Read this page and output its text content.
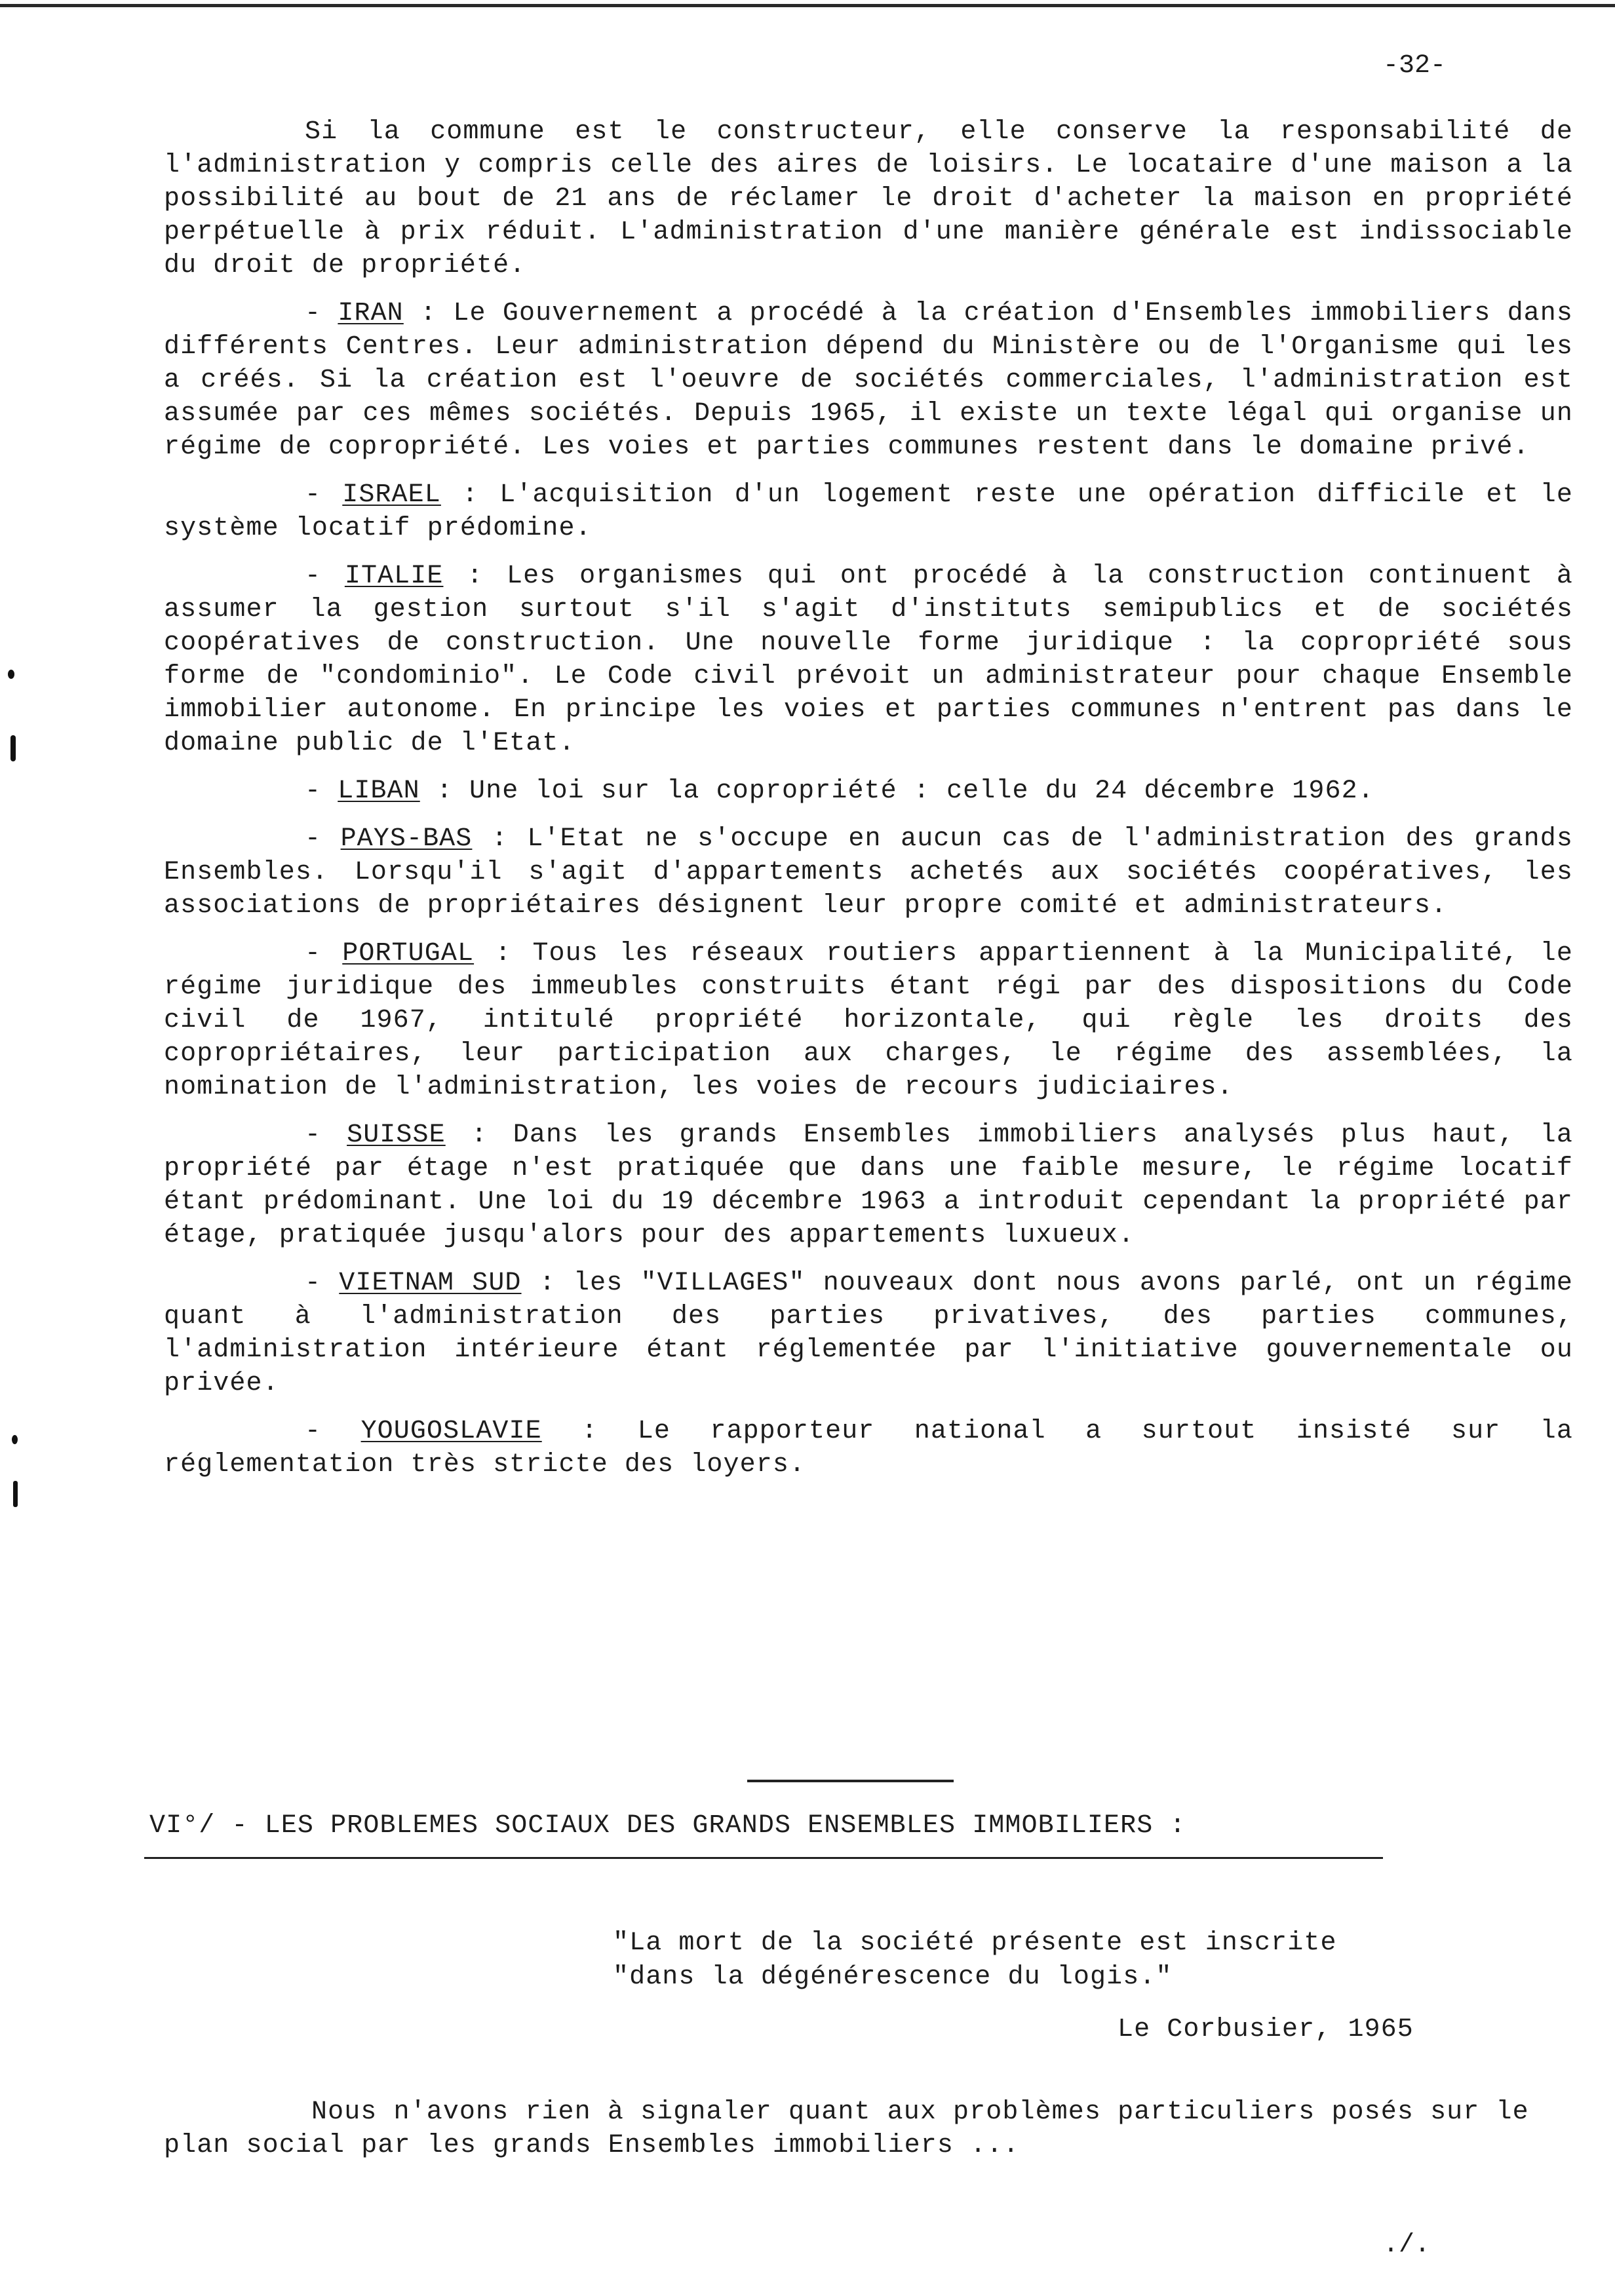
-32-

Si la commune est le constructeur, elle conserve la responsabilité de l'administration y compris celle des aires de loisirs. Le locataire d'une maison a la possibilité au bout de 21 ans de réclamer le droit d'acheter la maison en propriété perpétuelle à prix réduit. L'administration d'une manière générale est indissociable du droit de propriété.

- IRAN : Le Gouvernement a procédé à la création d'Ensembles immobiliers dans différents Centres. Leur administration dépend du Ministère ou de l'Organisme qui les a créés. Si la création est l'oeuvre de sociétés commerciales, l'administration est assumée par ces mêmes sociétés. Depuis 1965, il existe un texte légal qui organise un régime de copropriété. Les voies et parties communes restent dans le domaine privé.

- ISRAEL : L'acquisition d'un logement reste une opération difficile et le système locatif prédomine.

- ITALIE : Les organismes qui ont procédé à la construction continuent à assumer la gestion surtout s'il s'agit d'instituts semipublics et de sociétés coopératives de construction. Une nouvelle forme juridique : la copropriété sous forme de "condominio". Le Code civil prévoit un administrateur pour chaque Ensemble immobilier autonome. En principe les voies et parties communes n'entrent pas dans le domaine public de l'Etat.

- LIBAN : Une loi sur la copropriété : celle du 24 décembre 1962.

- PAYS-BAS : L'Etat ne s'occupe en aucun cas de l'administration des grands Ensembles. Lorsqu'il s'agit d'appartements achetés aux sociétés coopératives, les associations de propriétaires désignent leur propre comité et administrateurs.

- PORTUGAL : Tous les réseaux routiers appartiennent à la Municipalité, le régime juridique des immeubles construits étant régi par des dispositions du Code civil de 1967, intitulé propriété horizontale, qui règle les droits des copropriétaires, leur participation aux charges, le régime des assemblées, la nomination de l'administration, les voies de recours judiciaires.

- SUISSE : Dans les grands Ensembles immobiliers analysés plus haut, la propriété par étage n'est pratiquée que dans une faible mesure, le régime locatif étant prédominant. Une loi du 19 décembre 1963 a introduit cependant la propriété par étage, pratiquée jusqu'alors pour des appartements luxueux.

- VIETNAM SUD : les "VILLAGES" nouveaux dont nous avons parlé, ont un régime quant à l'administration des parties privatives, des parties communes, l'administration intérieure étant réglementée par l'initiative gouvernementale ou privée.

- YOUGOSLAVIE : Le rapporteur national a surtout insisté sur la réglementation très stricte des loyers.

VI°/ - LES PROBLEMES SOCIAUX DES GRANDS ENSEMBLES IMMOBILIERS :
"La mort de la société présente est inscrite
"dans la dégénérescence du logis."
Le Corbusier, 1965
Nous n'avons rien à signaler quant aux problèmes particuliers posés sur le plan social par les grands Ensembles immobiliers ...
./.
